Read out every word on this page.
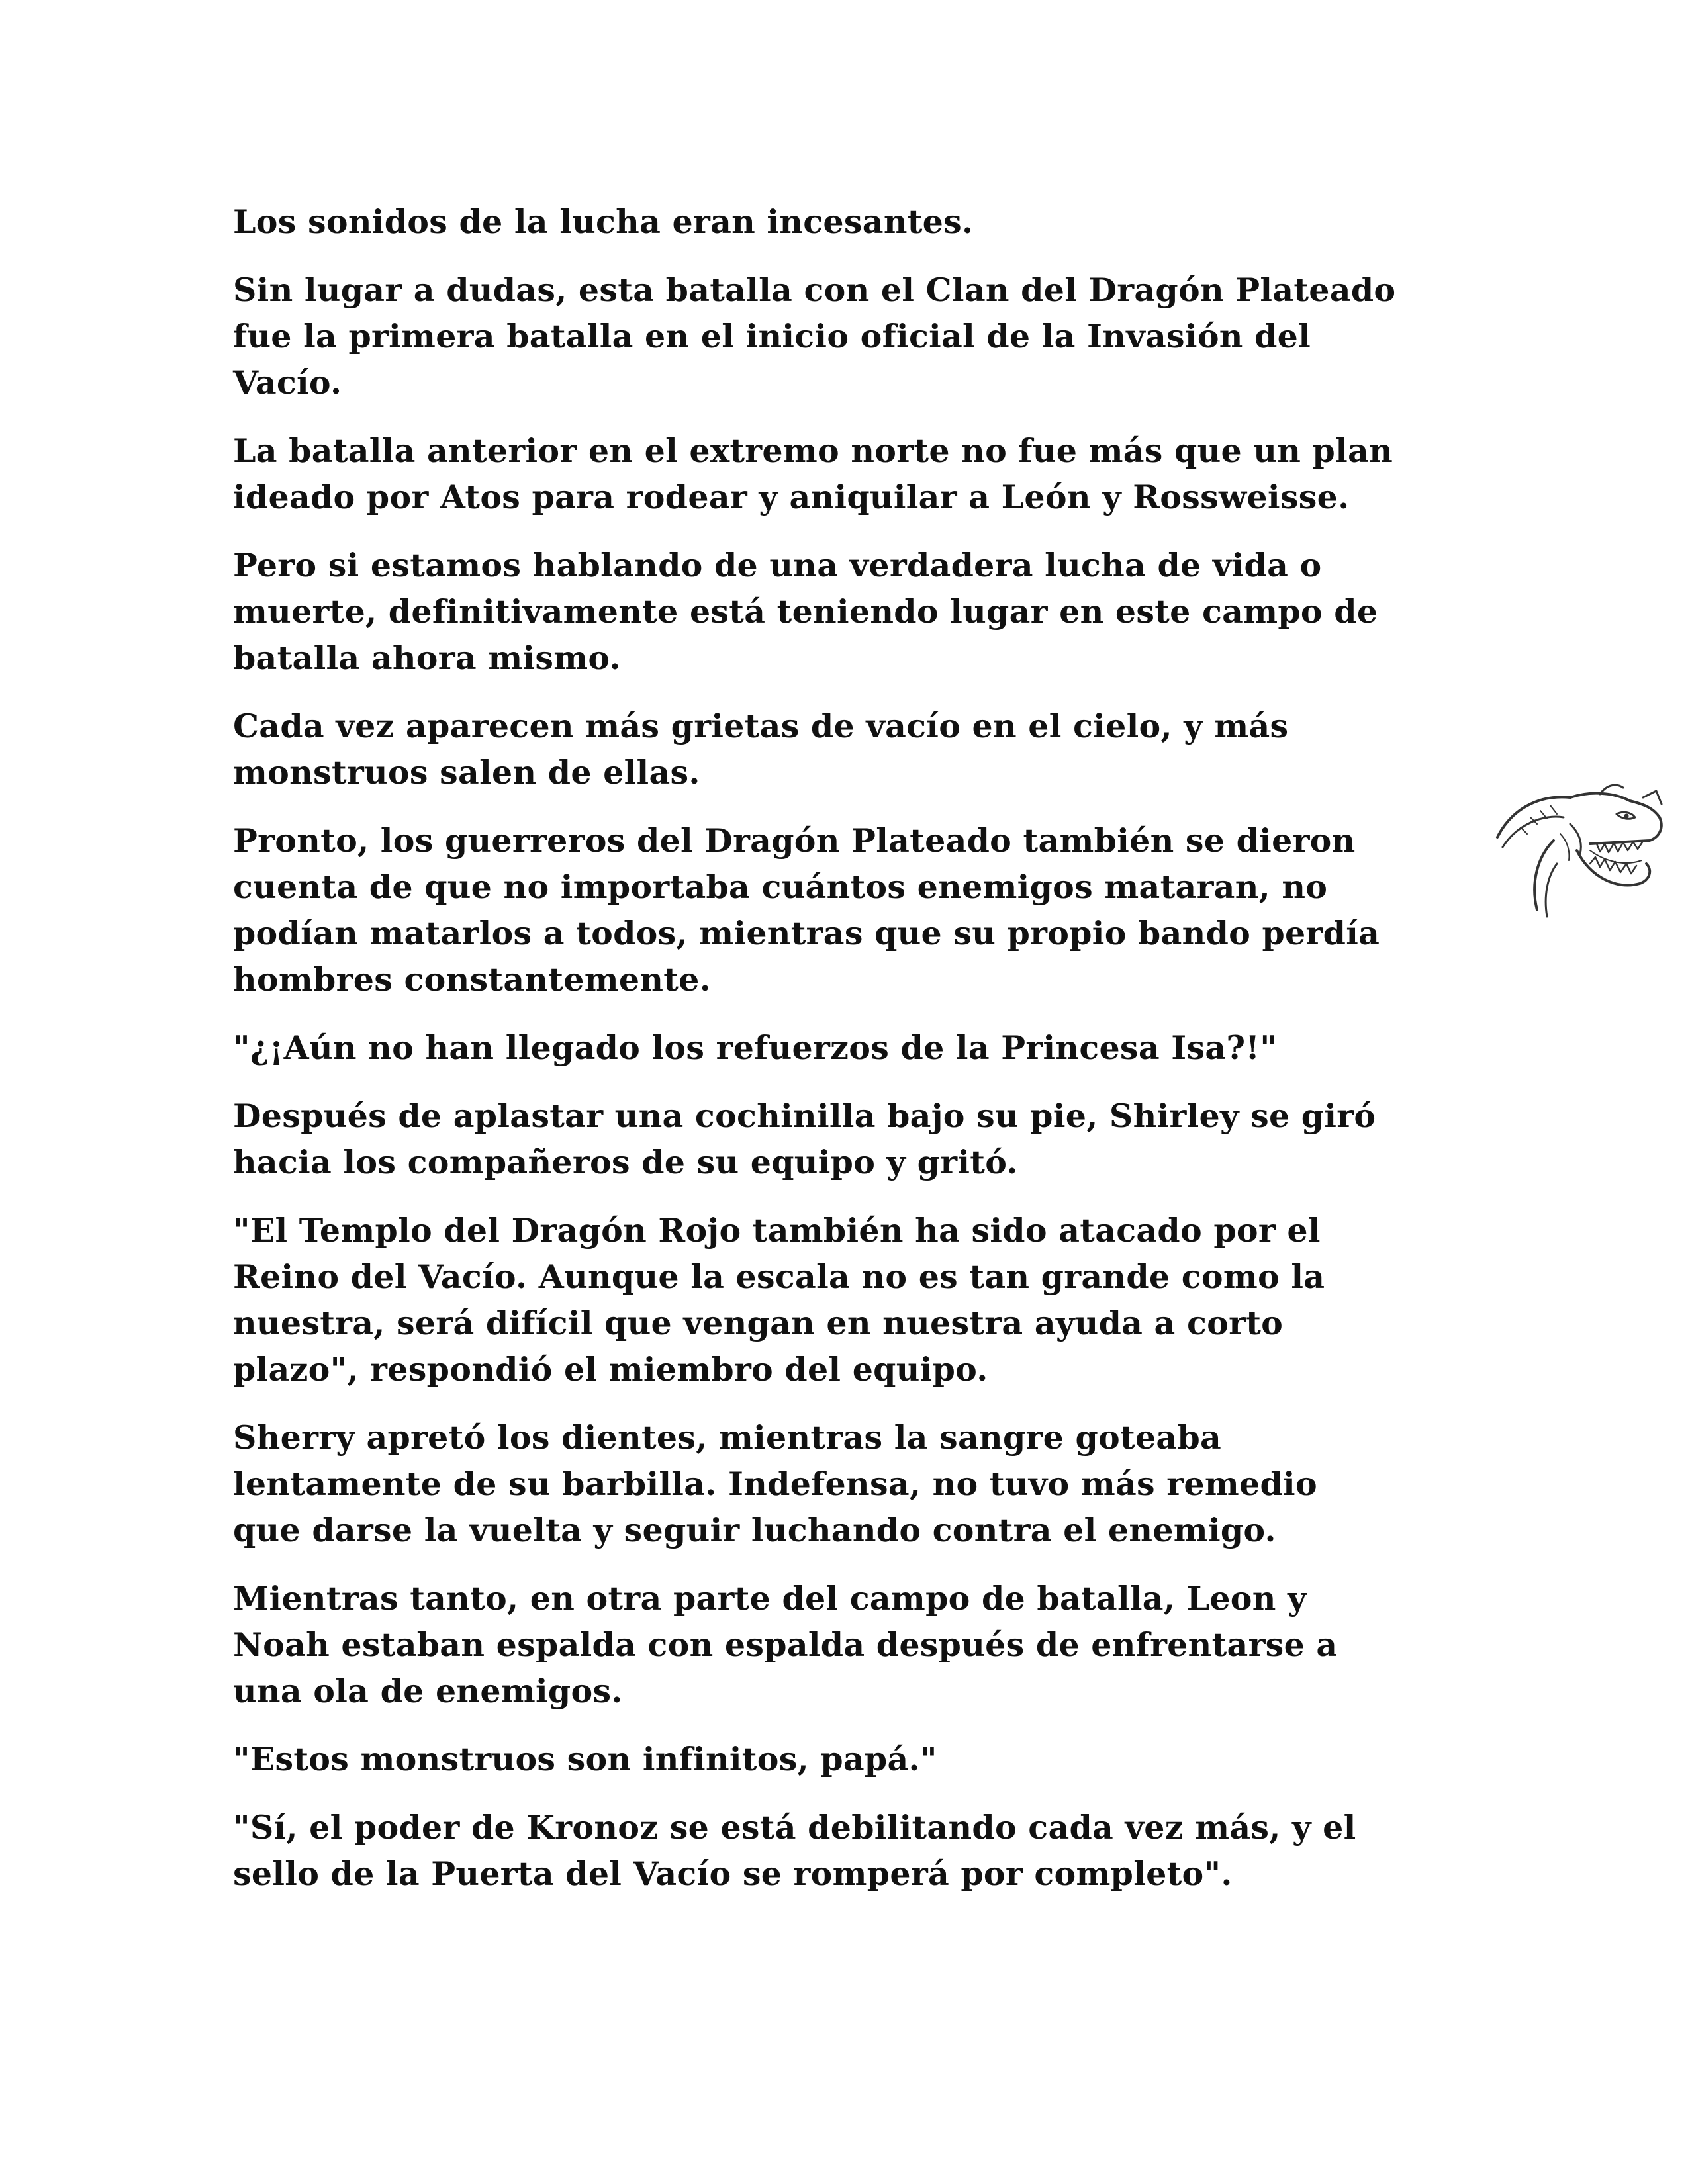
Los sonidos de la lucha eran incesantes.

Sin lugar a dudas, esta batalla con el Clan del Dragón Plateado
fue la primera batalla en el inicio oficial de la Invasión del
Vacío.

La batalla anterior en el extremo norte no fue más que un plan
ideado por Atos para rodear y aniquilar a León y Rossweisse.

Pero si estamos hablando de una verdadera lucha de vida o
muerte, definitivamente está teniendo lugar en este campo de
batalla ahora mismo.

Cada vez aparecen más grietas de vacío en el cielo, y más
monstruos salen de ellas.

Pronto, los guerreros del Dragón Plateado también se dieron
cuenta de que no importaba cuántos enemigos mataran, no
podían matarlos a todos, mientras que su propio bando perdía
hombres constantemente.

"¿¡Aún no han llegado los refuerzos de la Princesa Isa?!"

Después de aplastar una cochinilla bajo su pie, Shirley se giró
hacia los compañeros de su equipo y gritó.

"El Templo del Dragón Rojo también ha sido atacado por el
Reino del Vacío. Aunque la escala no es tan grande como la
nuestra, será difícil que vengan en nuestra ayuda a corto
plazo", respondió el miembro del equipo.

Sherry apretó los dientes, mientras la sangre goteaba
lentamente de su barbilla. Indefensa, no tuvo más remedio
que darse la vuelta y seguir luchando contra el enemigo.

Mientras tanto, en otra parte del campo de batalla, Leon y
Noah estaban espalda con espalda después de enfrentarse a
una ola de enemigos.

"Estos monstruos son infinitos, papá."

"Sí, el poder de Kronoz se está debilitando cada vez más, y el
sello de la Puerta del Vacío se romperá por completo".
